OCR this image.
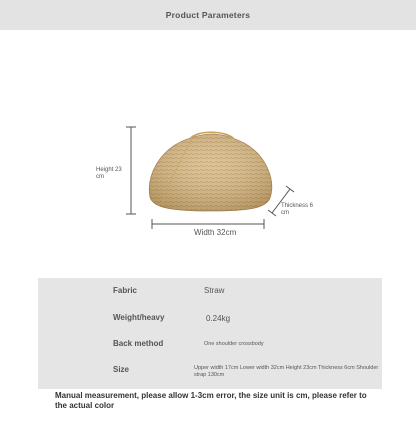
Product Parameters
Height 23
cm
Thickness 6
cm
Width 32cm
Fabric	Straw
Weight/heavy	0.24kg
Back method	One shoulder crossbody
Size	Upper width 17cm Lower width 32cm Height 23cm Thickness 6cm Shoulder strap 130cm
Manual measurement, please allow 1-3cm error, the size unit is cm, please refer to the actual color
